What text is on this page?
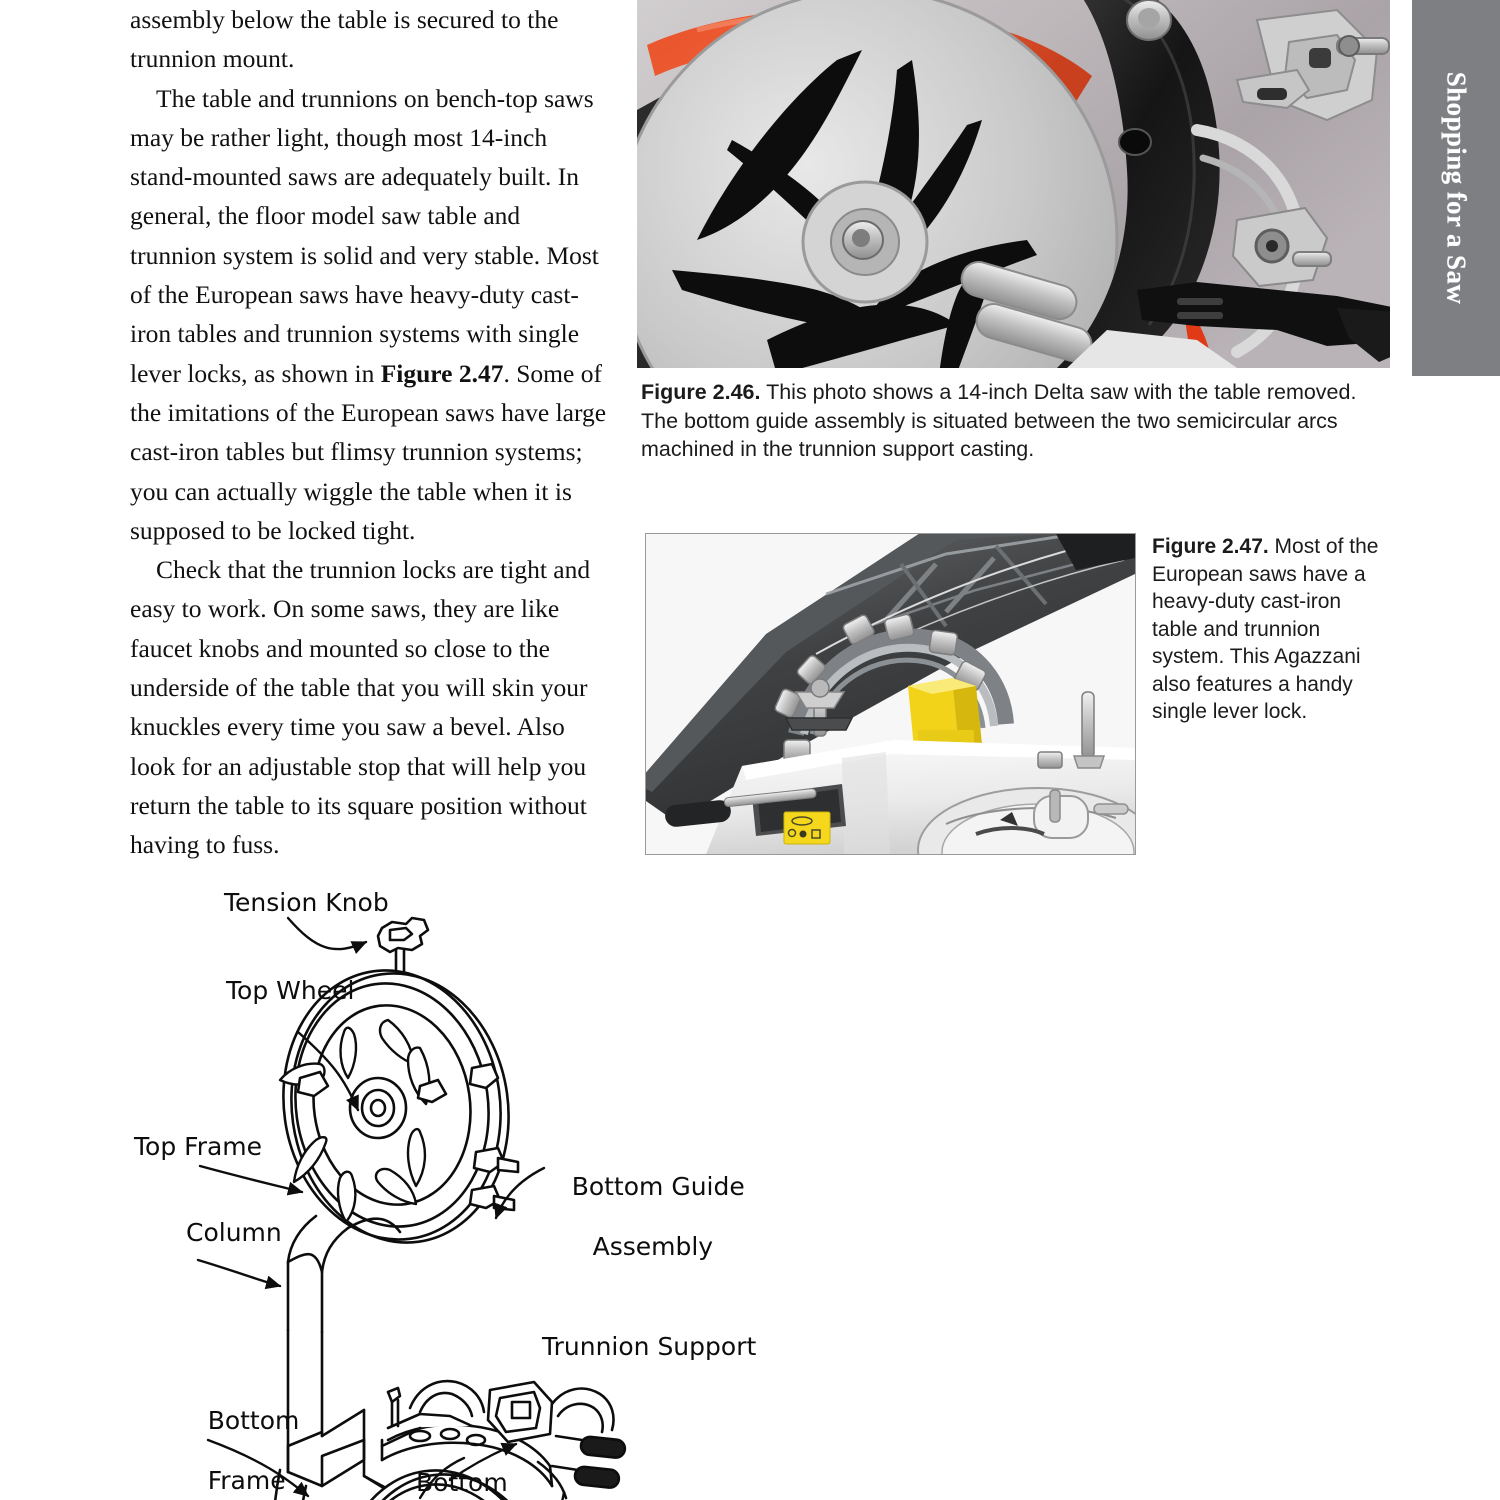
Shopping for a Saw

assembly below the table is secured to the trunnion mount.

The table and trunnions on bench-top saws may be rather light, though most 14-inch stand-mounted saws are adequately built. In general, the floor model saw table and trunnion system is solid and very stable. Most of the European saws have heavy-duty cast-iron tables and trunnion systems with single lever locks, as shown in Figure 2.47. Some of the imitations of the European saws have large cast-iron tables but flimsy trunnion systems; you can actually wiggle the table when it is supposed to be locked tight.

Check that the trunnion locks are tight and easy to work. On some saws, they are like faucet knobs and mounted so close to the underside of the table that you will skin your knuckles every time you saw a bevel. Also look for an adjustable stop that will help you return the table to its square position without having to fuss.

Figure 2.46. This photo shows a 14-inch Delta saw with the table removed. The bottom guide assembly is situated between the two semicircular arcs machined in the trunnion support casting.
Figure 2.47. Most of the European saws have a heavy-duty cast-iron table and trunnion system. This Agazzani also features a handy single lever lock.
Tension Knob
Top Wheel
Top Frame
Column

Bottom

Frame

Bottom Guide

Assembly

Trunnion Support
Bottom
